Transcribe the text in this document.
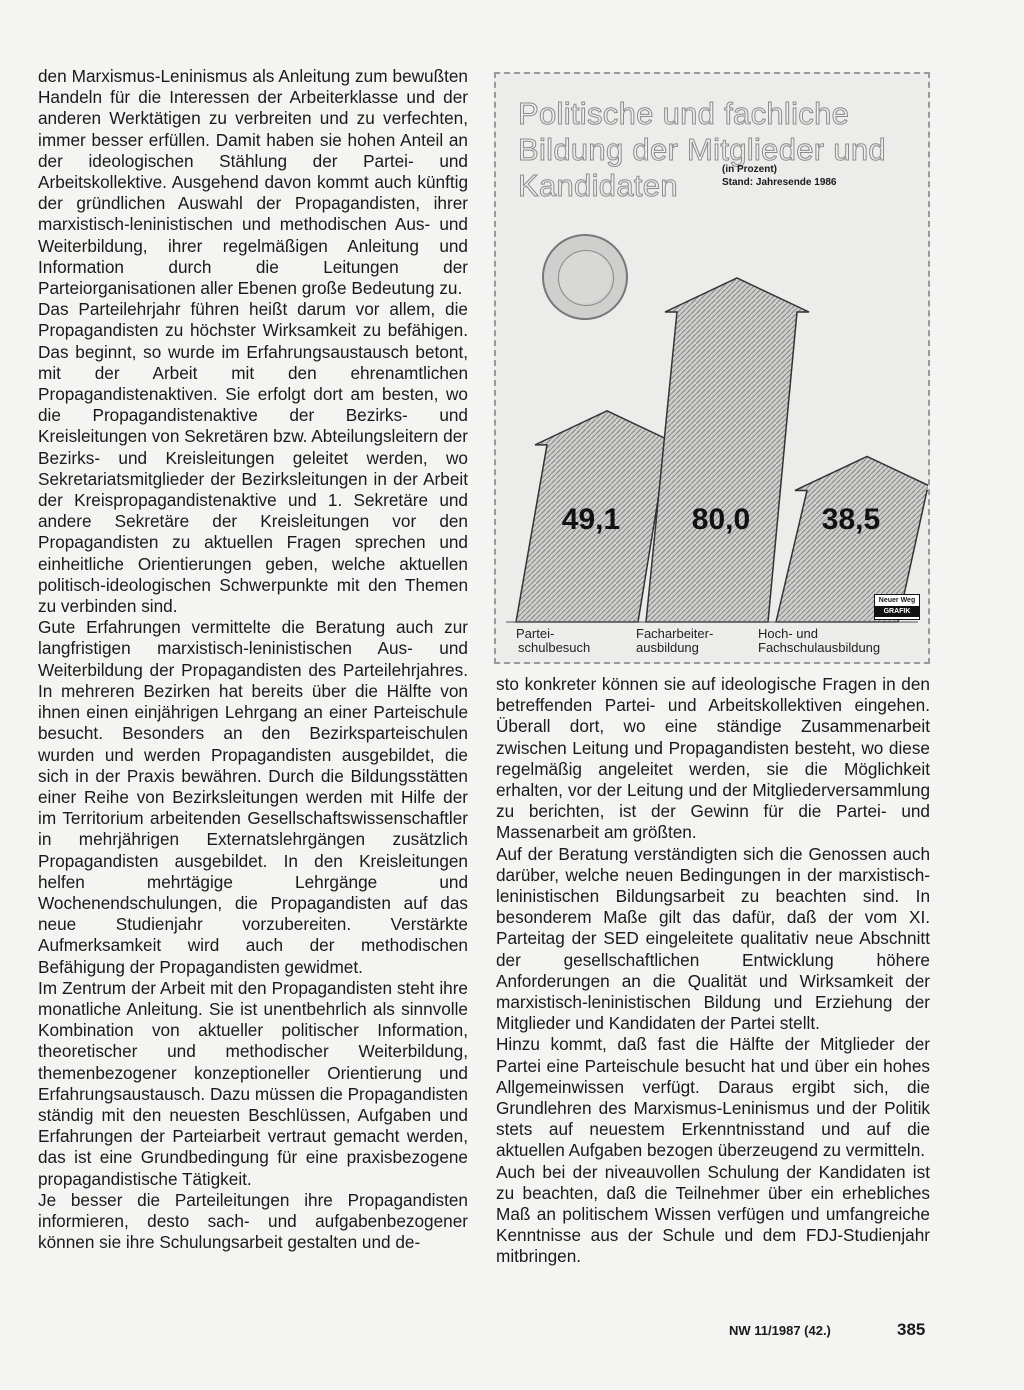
den Marxismus-Leninismus als Anleitung zum bewußten Handeln für die Interessen der Arbeiterklasse und der anderen Werktätigen zu verbreiten und zu verfechten, immer besser erfüllen. Damit haben sie hohen Anteil an der ideologischen Stählung der Partei- und Arbeitskollektive. Ausgehend davon kommt auch künftig der gründlichen Auswahl der Propagandisten, ihrer marxistisch-leninistischen und methodischen Aus- und Weiterbildung, ihrer regelmäßigen Anleitung und Information durch die Leitungen der Parteiorganisationen aller Ebenen große Bedeutung zu.

Das Parteilehrjahr führen heißt darum vor allem, die Propagandisten zu höchster Wirksamkeit zu befähigen. Das beginnt, so wurde im Erfahrungsaustausch betont, mit der Arbeit mit den ehrenamtlichen Propagandistenaktiven. Sie erfolgt dort am besten, wo die Propagandistenaktive der Bezirks- und Kreisleitungen von Sekretären bzw. Abteilungsleitern der Bezirks- und Kreisleitungen geleitet werden, wo Sekretariatsmitglieder der Bezirksleitungen in der Arbeit der Kreispropagandistenaktive und 1. Sekretäre und andere Sekretäre der Kreisleitungen vor den Propagandisten zu aktuellen Fragen sprechen und einheitliche Orientierungen geben, welche aktuellen politisch-ideologischen Schwerpunkte mit den Themen zu verbinden sind.

Gute Erfahrungen vermittelte die Beratung auch zur langfristigen marxistisch-leninistischen Aus- und Weiterbildung der Propagandisten des Parteilehrjahres. In mehreren Bezirken hat bereits über die Hälfte von ihnen einen einjährigen Lehrgang an einer Parteischule besucht. Besonders an den Bezirksparteischulen wurden und werden Propagandisten ausgebildet, die sich in der Praxis bewähren. Durch die Bildungsstätten einer Reihe von Bezirksleitungen werden mit Hilfe der im Territorium arbeitenden Gesellschaftswissenschaftler in mehrjährigen Externatslehrgängen zusätzlich Propagandisten ausgebildet. In den Kreisleitungen helfen mehrtägige Lehrgänge und Wochenendschulungen, die Propagandisten auf das neue Studienjahr vorzubereiten. Verstärkte Aufmerksamkeit wird auch der methodischen Befähigung der Propagandisten gewidmet.

Im Zentrum der Arbeit mit den Propagandisten steht ihre monatliche Anleitung. Sie ist unentbehrlich als sinnvolle Kombination von aktueller politischer Information, theoretischer und methodischer Weiterbildung, themenbezogener konzeptioneller Orientierung und Erfahrungsaustausch. Dazu müssen die Propagandisten ständig mit den neuesten Beschlüssen, Aufgaben und Erfahrungen der Parteiarbeit vertraut gemacht werden, das ist eine Grundbedingung für eine praxisbezogene propagandistische Tätigkeit.

Je besser die Parteileitungen ihre Propagandisten informieren, desto sach- und aufgabenbezogener können sie ihre Schulungsarbeit gestalten und de-

Politische und fachliche Bildung der Mitglieder und Kandidaten	(in Prozent)
Stand: Jahresende 1986
49,1 80,0 38,5
Neuer Weg
GRAFIK
Partei-
schulbesuch
Facharbeiter-
ausbildung
Hoch- und
Fachschulausbildung

sto konkreter können sie auf ideologische Fragen in den betreffenden Partei- und Arbeitskollektiven eingehen. Überall dort, wo eine ständige Zusammenarbeit zwischen Leitung und Propagandisten besteht, wo diese regelmäßig angeleitet werden, sie die Möglichkeit erhalten, vor der Leitung und der Mitgliederversammlung zu berichten, ist der Gewinn für die Partei- und Massenarbeit am größten.

Auf der Beratung verständigten sich die Genossen auch darüber, welche neuen Bedingungen in der marxistisch-leninistischen Bildungsarbeit zu beachten sind. In besonderem Maße gilt das dafür, daß der vom XI. Parteitag der SED eingeleitete qualitativ neue Abschnitt der gesellschaftlichen Entwicklung höhere Anforderungen an die Qualität und Wirksamkeit der marxistisch-leninistischen Bildung und Erziehung der Mitglieder und Kandidaten der Partei stellt.

Hinzu kommt, daß fast die Hälfte der Mitglieder der Partei eine Parteischule besucht hat und über ein hohes Allgemeinwissen verfügt. Daraus ergibt sich, die Grundlehren des Marxismus-Leninismus und der Politik stets auf neuestem Erkenntnisstand und auf die aktuellen Aufgaben bezogen überzeugend zu vermitteln.

Auch bei der niveauvollen Schulung der Kandidaten ist zu beachten, daß die Teilnehmer über ein erhebliches Maß an politischem Wissen verfügen und umfangreiche Kenntnisse aus der Schule und dem FDJ-Studienjahr mitbringen.

NW 11/1987 (42.)	385
